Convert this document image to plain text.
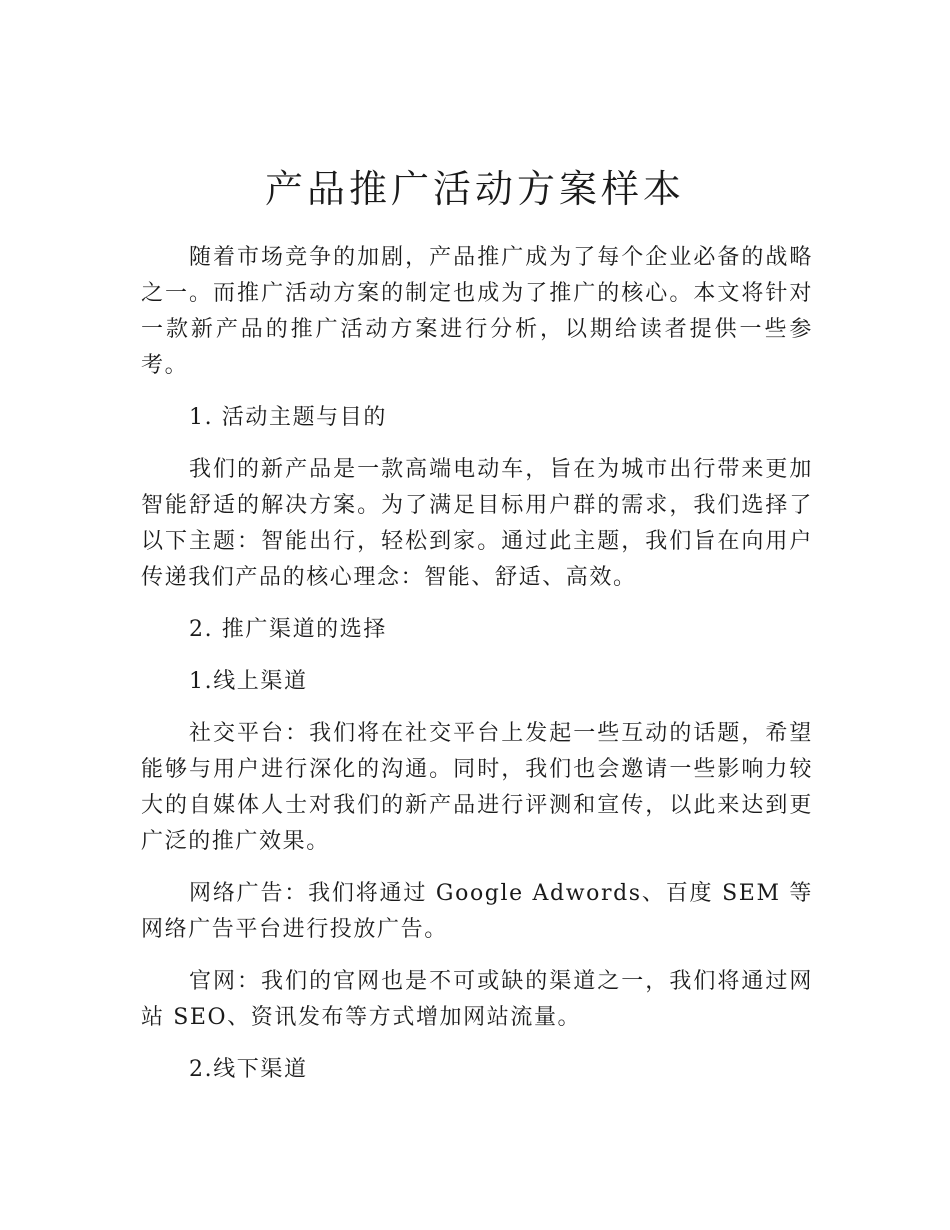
产品推广活动方案样本

随着市场竞争的加剧，产品推广成为了每个企业必备的战略之一。而推广活动方案的制定也成为了推广的核心。本文将针对一款新产品的推广活动方案进行分析，以期给读者提供一些参考。

1. 活动主题与目的

我们的新产品是一款高端电动车，旨在为城市出行带来更加智能舒适的解决方案。为了满足目标用户群的需求，我们选择了以下主题：智能出行，轻松到家。通过此主题，我们旨在向用户传递我们产品的核心理念：智能、舒适、高效。

2. 推广渠道的选择

1.线上渠道

社交平台：我们将在社交平台上发起一些互动的话题，希望能够与用户进行深化的沟通。同时，我们也会邀请一些影响力较大的自媒体人士对我们的新产品进行评测和宣传，以此来达到更广泛的推广效果。

网络广告：我们将通过 Google Adwords、百度 SEM 等网络广告平台进行投放广告。

官网：我们的官网也是不可或缺的渠道之一，我们将通过网站 SEO、资讯发布等方式增加网站流量。

2.线下渠道
